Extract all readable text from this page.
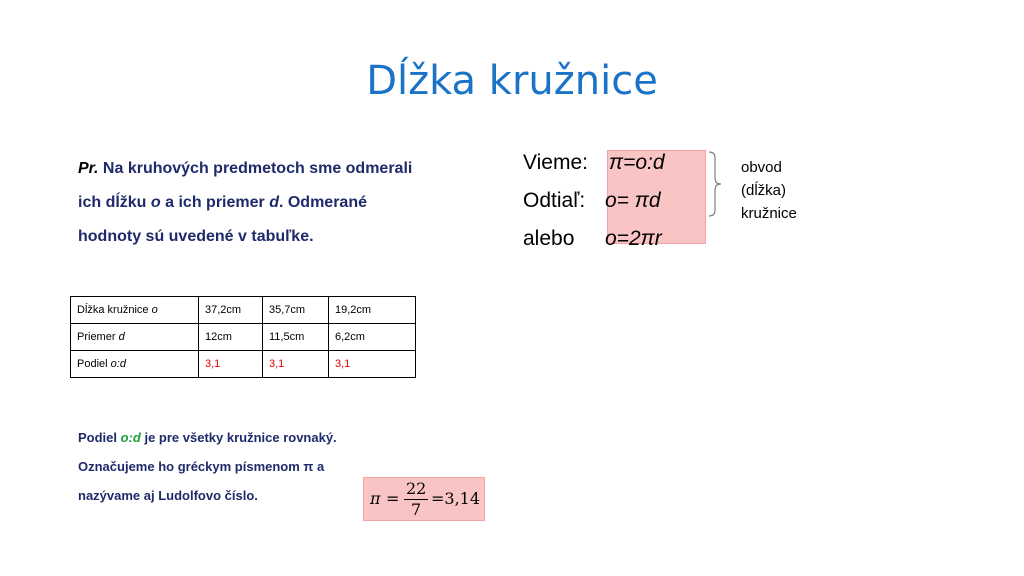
Dĺžka kružnice
Pr. Na kruhových predmetoch sme odmerali ich dĺžku o a ich priemer d. Odmerané hodnoty sú uvedené v tabuľke.
Dĺžka kružnice o	37,2cm	35,7cm	19,2cm
Priemer d	12cm	11,5cm	6,2cm
Podiel o:d	3,1	3,1	3,1
Vieme: π=o:d
Odtiaľ: o= πd
alebo o=2πr
obvod
(dĺžka)
kružnice
Podiel o:d je pre všetky kružnice rovnaký.
Označujeme ho gréckym písmenom π a nazývame aj Ludolfovo číslo.	π =
22
7
=3,14
